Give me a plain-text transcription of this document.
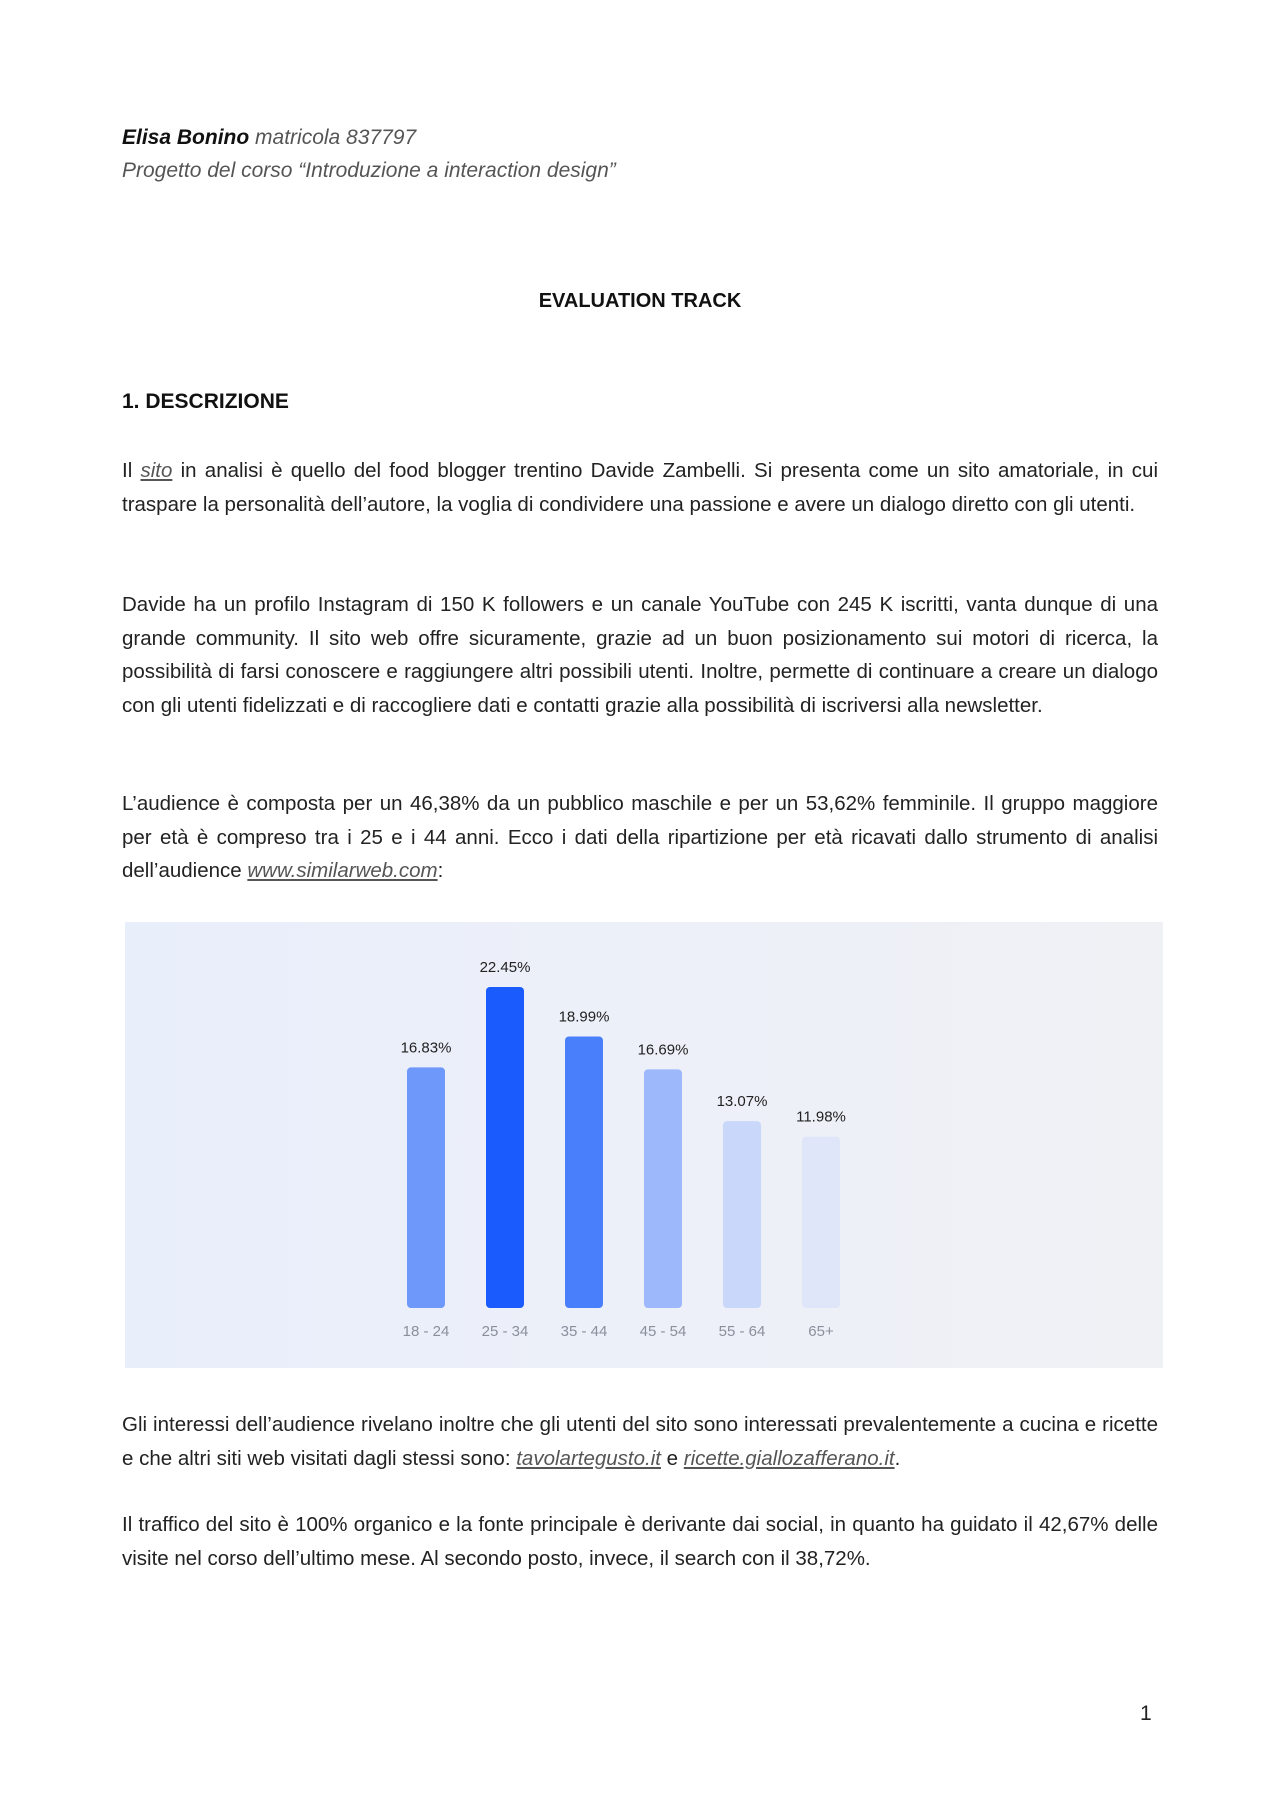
Elisa Bonino matricola 837797
Progetto del corso “Introduzione a interaction design”
EVALUATION TRACK
1. DESCRIZIONE
Il sito in analisi è quello del food blogger trentino Davide Zambelli. Si presenta come un sito amatoriale, in cui traspare la personalità dell’autore, la voglia di condividere una passione e avere un dialogo diretto con gli utenti.
Davide ha un profilo Instagram di 150 K followers e un canale YouTube con 245 K iscritti, vanta dunque di una grande community. Il sito web offre sicuramente, grazie ad un buon posizionamento sui motori di ricerca, la possibilità di farsi conoscere e raggiungere altri possibili utenti. Inoltre, permette di continuare a creare un dialogo con gli utenti fidelizzati e di raccogliere dati e contatti grazie alla possibilità di iscriversi alla newsletter.
L’audience è composta per un 46,38% da un pubblico maschile e per un 53,62% femminile. Il gruppo maggiore per età è compreso tra i 25 e i 44 anni. Ecco i dati della ripartizione per età ricavati dallo strumento di analisi dell’audience www.similarweb.com:
16.83%
18 - 24
22.45%
25 - 34
18.99%
35 - 44
16.69%
45 - 54
13.07%
55 - 64
11.98%
65+
Gli interessi dell’audience rivelano inoltre che gli utenti del sito sono interessati prevalentemente a cucina e ricette e che altri siti web visitati dagli stessi sono: tavolartegusto.it e ricette.giallozafferano.it.
Il traffico del sito è 100% organico e la fonte principale è derivante dai social, in quanto ha guidato il 42,67% delle visite nel corso dell’ultimo mese. Al secondo posto, invece, il search con il 38,72%.
1
